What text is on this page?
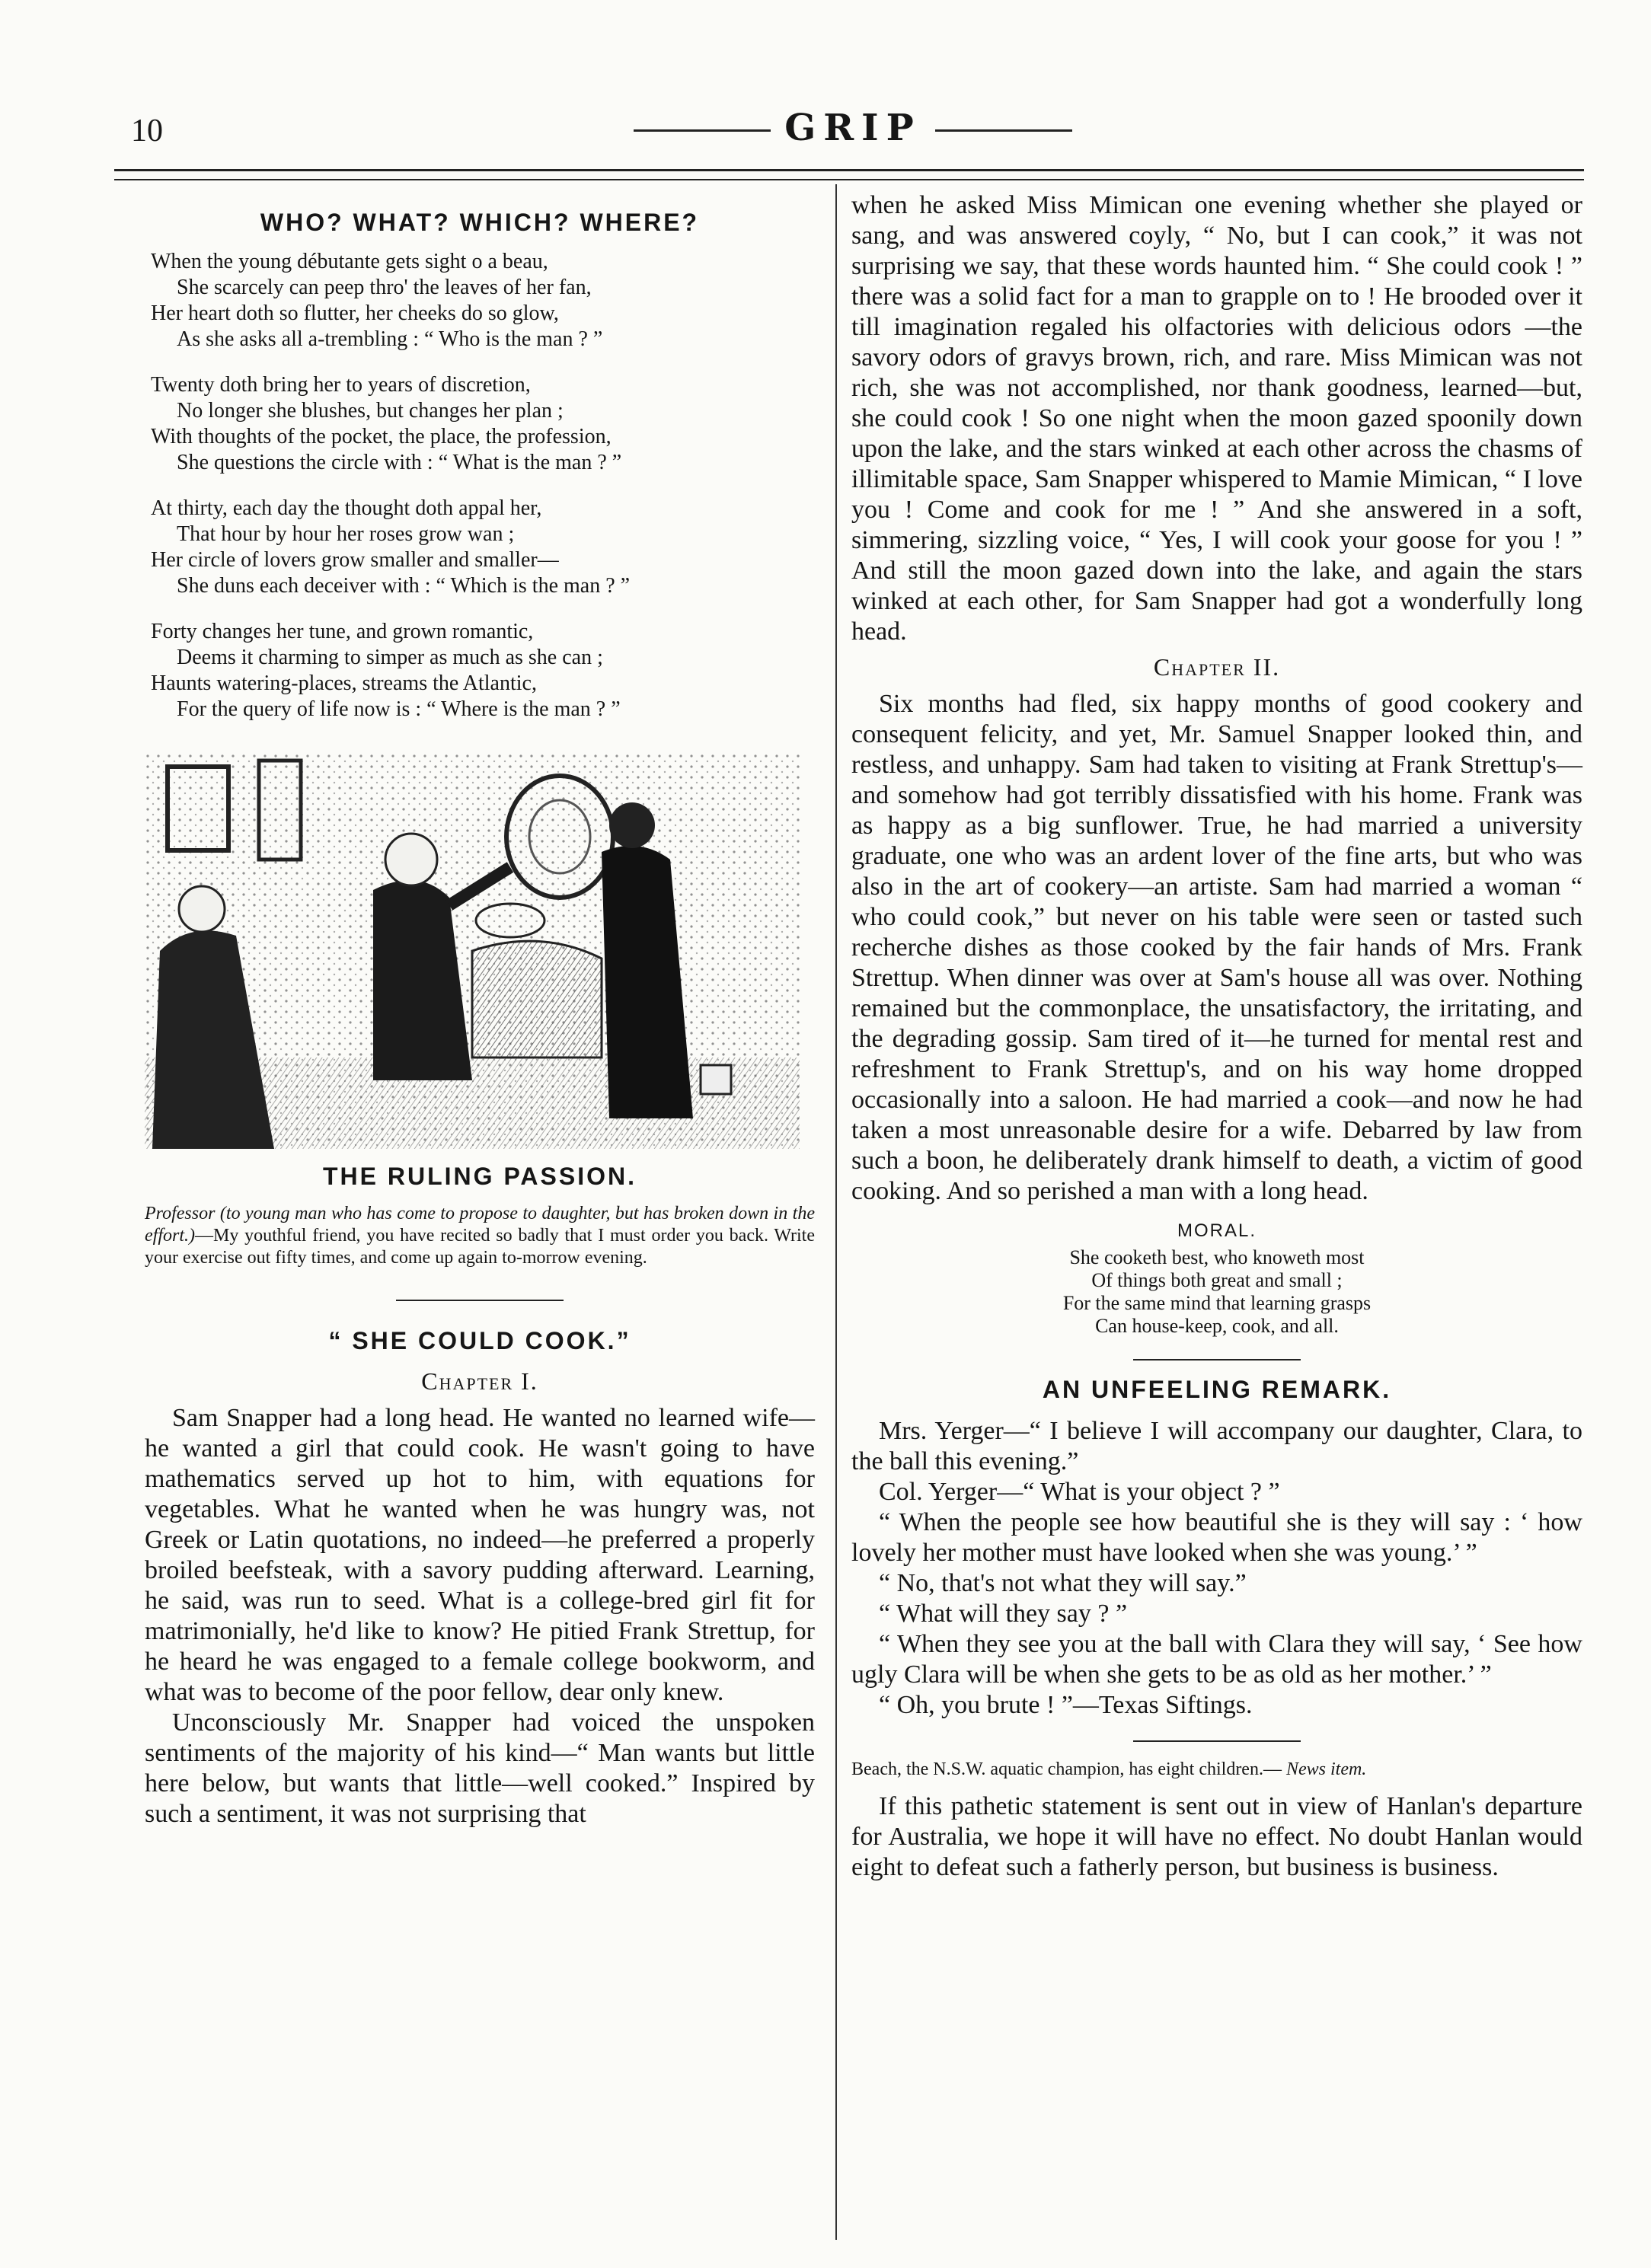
10	GRIP
WHO? WHAT? WHICH? WHERE?
When the young débutante gets sight o a beau,
She scarcely can peep thro' the leaves of her fan,
Her heart doth so flutter, her cheeks do so glow,
As she asks all a-trembling : “ Who is the man ? ”
Twenty doth bring her to years of discretion,
No longer she blushes, but changes her plan ;
With thoughts of the pocket, the place, the profession,
She questions the circle with : “ What is the man ? ”
At thirty, each day the thought doth appal her,
That hour by hour her roses grow wan ;
Her circle of lovers grow smaller and smaller—
She duns each deceiver with : “ Which is the man ? ”
Forty changes her tune, and grown romantic,
Deems it charming to simper as much as she can ;
Haunts watering-places, streams the Atlantic,
For the query of life now is : “ Where is the man ? ”
THE RULING PASSION.

Professor (to young man who has come to propose to daughter, but has broken down in the effort.)—My youthful friend, you have recited so badly that I must order you back. Write your exercise out fifty times, and come up again to-morrow evening.

“ SHE COULD COOK.”
Chapter I.

Sam Snapper had a long head. He wanted no learned wife—he wanted a girl that could cook. He wasn't going to have mathematics served up hot to him, with equations for vegetables. What he wanted when he was hungry was, not Greek or Latin quotations, no indeed—he preferred a properly broiled beefsteak, with a savory pudding afterward. Learning, he said, was run to seed. What is a college-bred girl fit for matrimonially, he'd like to know? He pitied Frank Strettup, for he heard he was engaged to a female college bookworm, and what was to become of the poor fellow, dear only knew.

Unconsciously Mr. Snapper had voiced the unspoken sentiments of the majority of his kind—“ Man wants but little here below, but wants that little—well cooked.” Inspired by such a sentiment, it was not surprising that

when he asked Miss Mimican one evening whether she played or sang, and was answered coyly, “ No, but I can cook,” it was not surprising we say, that these words haunted him. “ She could cook ! ” there was a solid fact for a man to grapple on to ! He brooded over it till imagination regaled his olfactories with delicious odors —the savory odors of gravys brown, rich, and rare. Miss Mimican was not rich, she was not accomplished, nor thank goodness, learned—but, she could cook ! So one night when the moon gazed spoonily down upon the lake, and the stars winked at each other across the chasms of illimitable space, Sam Snapper whispered to Mamie Mimican, “ I love you ! Come and cook for me ! ” And she answered in a soft, simmering, sizzling voice, “ Yes, I will cook your goose for you ! ” And still the moon gazed down into the lake, and again the stars winked at each other, for Sam Snapper had got a wonderfully long head.

Chapter II.

Six months had fled, six happy months of good cookery and consequent felicity, and yet, Mr. Samuel Snapper looked thin, and restless, and unhappy. Sam had taken to visiting at Frank Strettup's—and somehow had got terribly dissatisfied with his home. Frank was as happy as a big sunflower. True, he had married a university graduate, one who was an ardent lover of the fine arts, but who was also in the art of cookery—an artiste. Sam had married a woman “ who could cook,” but never on his table were seen or tasted such recherche dishes as those cooked by the fair hands of Mrs. Frank Strettup. When dinner was over at Sam's house all was over. Nothing remained but the commonplace, the unsatisfactory, the irritating, and the degrading gossip. Sam tired of it—he turned for mental rest and refreshment to Frank Strettup's, and on his way home dropped occasionally into a saloon. He had married a cook—and now he had taken a most unreasonable desire for a wife. Debarred by law from such a boon, he deliberately drank himself to death, a victim of good cooking. And so perished a man with a long head.

MORAL.

She cooketh best, who knoweth most
Of things both great and small ;
For the same mind that learning grasps
Can house-keep, cook, and all.

AN UNFEELING REMARK.

Mrs. Yerger—“ I believe I will accompany our daughter, Clara, to the ball this evening.”

Col. Yerger—“ What is your object ? ”

“ When the people see how beautiful she is they will say : ‘ how lovely her mother must have looked when she was young.’ ”

“ No, that's not what they will say.”

“ What will they say ? ”

“ When they see you at the ball with Clara they will say, ‘ See how ugly Clara will be when she gets to be as old as her mother.’ ”

“ Oh, you brute ! ”—Texas Siftings.

Beach, the N.S.W. aquatic champion, has eight children.— News item.

If this pathetic statement is sent out in view of Hanlan's departure for Australia, we hope it will have no effect. No doubt Hanlan would eight to defeat such a fatherly person, but business is business.
